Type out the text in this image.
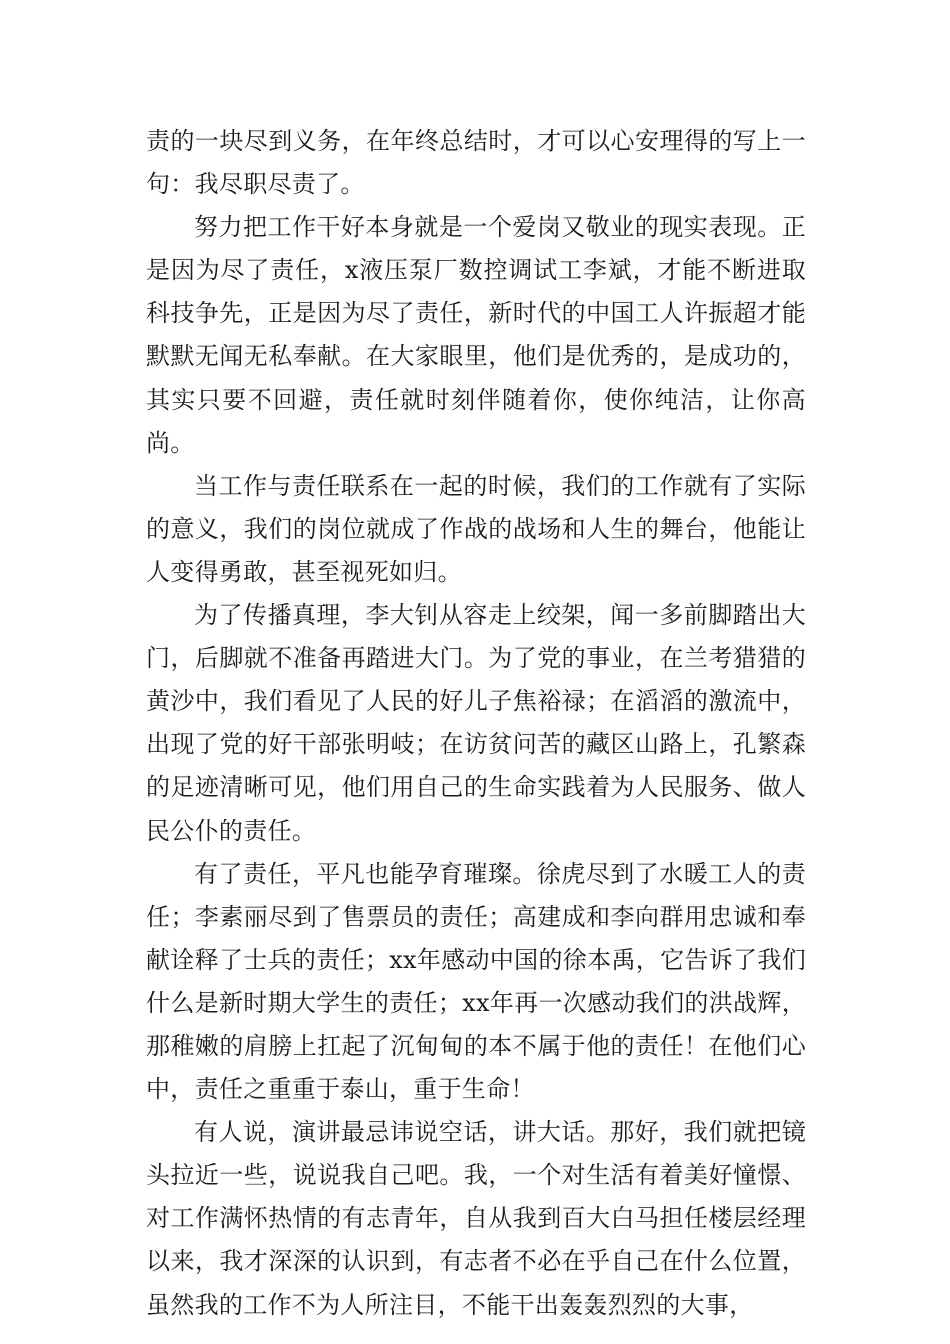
责的一块尽到义务，在年终总结时，才可以心安理得的写上一句：我尽职尽责了。

努力把工作干好本身就是一个爱岗又敬业的现实表现。正是因为尽了责任，x液压泵厂数控调试工李斌，才能不断进取科技争先，正是因为尽了责任，新时代的中国工人许振超才能默默无闻无私奉献。在大家眼里，他们是优秀的，是成功的，其实只要不回避，责任就时刻伴随着你，使你纯洁，让你高尚。

当工作与责任联系在一起的时候，我们的工作就有了实际的意义，我们的岗位就成了作战的战场和人生的舞台，他能让人变得勇敢，甚至视死如归。

为了传播真理，李大钊从容走上绞架，闻一多前脚踏出大门，后脚就不准备再踏进大门。为了党的事业，在兰考猎猎的黄沙中，我们看见了人民的好儿子焦裕禄；在滔滔的激流中，出现了党的好干部张明岐；在访贫问苦的藏区山路上，孔繁森的足迹清晰可见，他们用自己的生命实践着为人民服务、做人民公仆的责任。

有了责任，平凡也能孕育璀璨。徐虎尽到了水暖工人的责任；李素丽尽到了售票员的责任；高建成和李向群用忠诚和奉献诠释了士兵的责任；xx年感动中国的徐本禹，它告诉了我们什么是新时期大学生的责任；xx年再一次感动我们的洪战辉，那稚嫩的肩膀上扛起了沉甸甸的本不属于他的责任！在他们心中，责任之重重于泰山，重于生命！

有人说，演讲最忌讳说空话，讲大话。那好，我们就把镜头拉近一些，说说我自己吧。我，一个对生活有着美好憧憬、对工作满怀热情的有志青年，自从我到百大白马担任楼层经理以来，我才深深的认识到，有志者不必在乎自己在什么位置，虽然我的工作不为人所注目，不能干出轰轰烈烈的大事，
